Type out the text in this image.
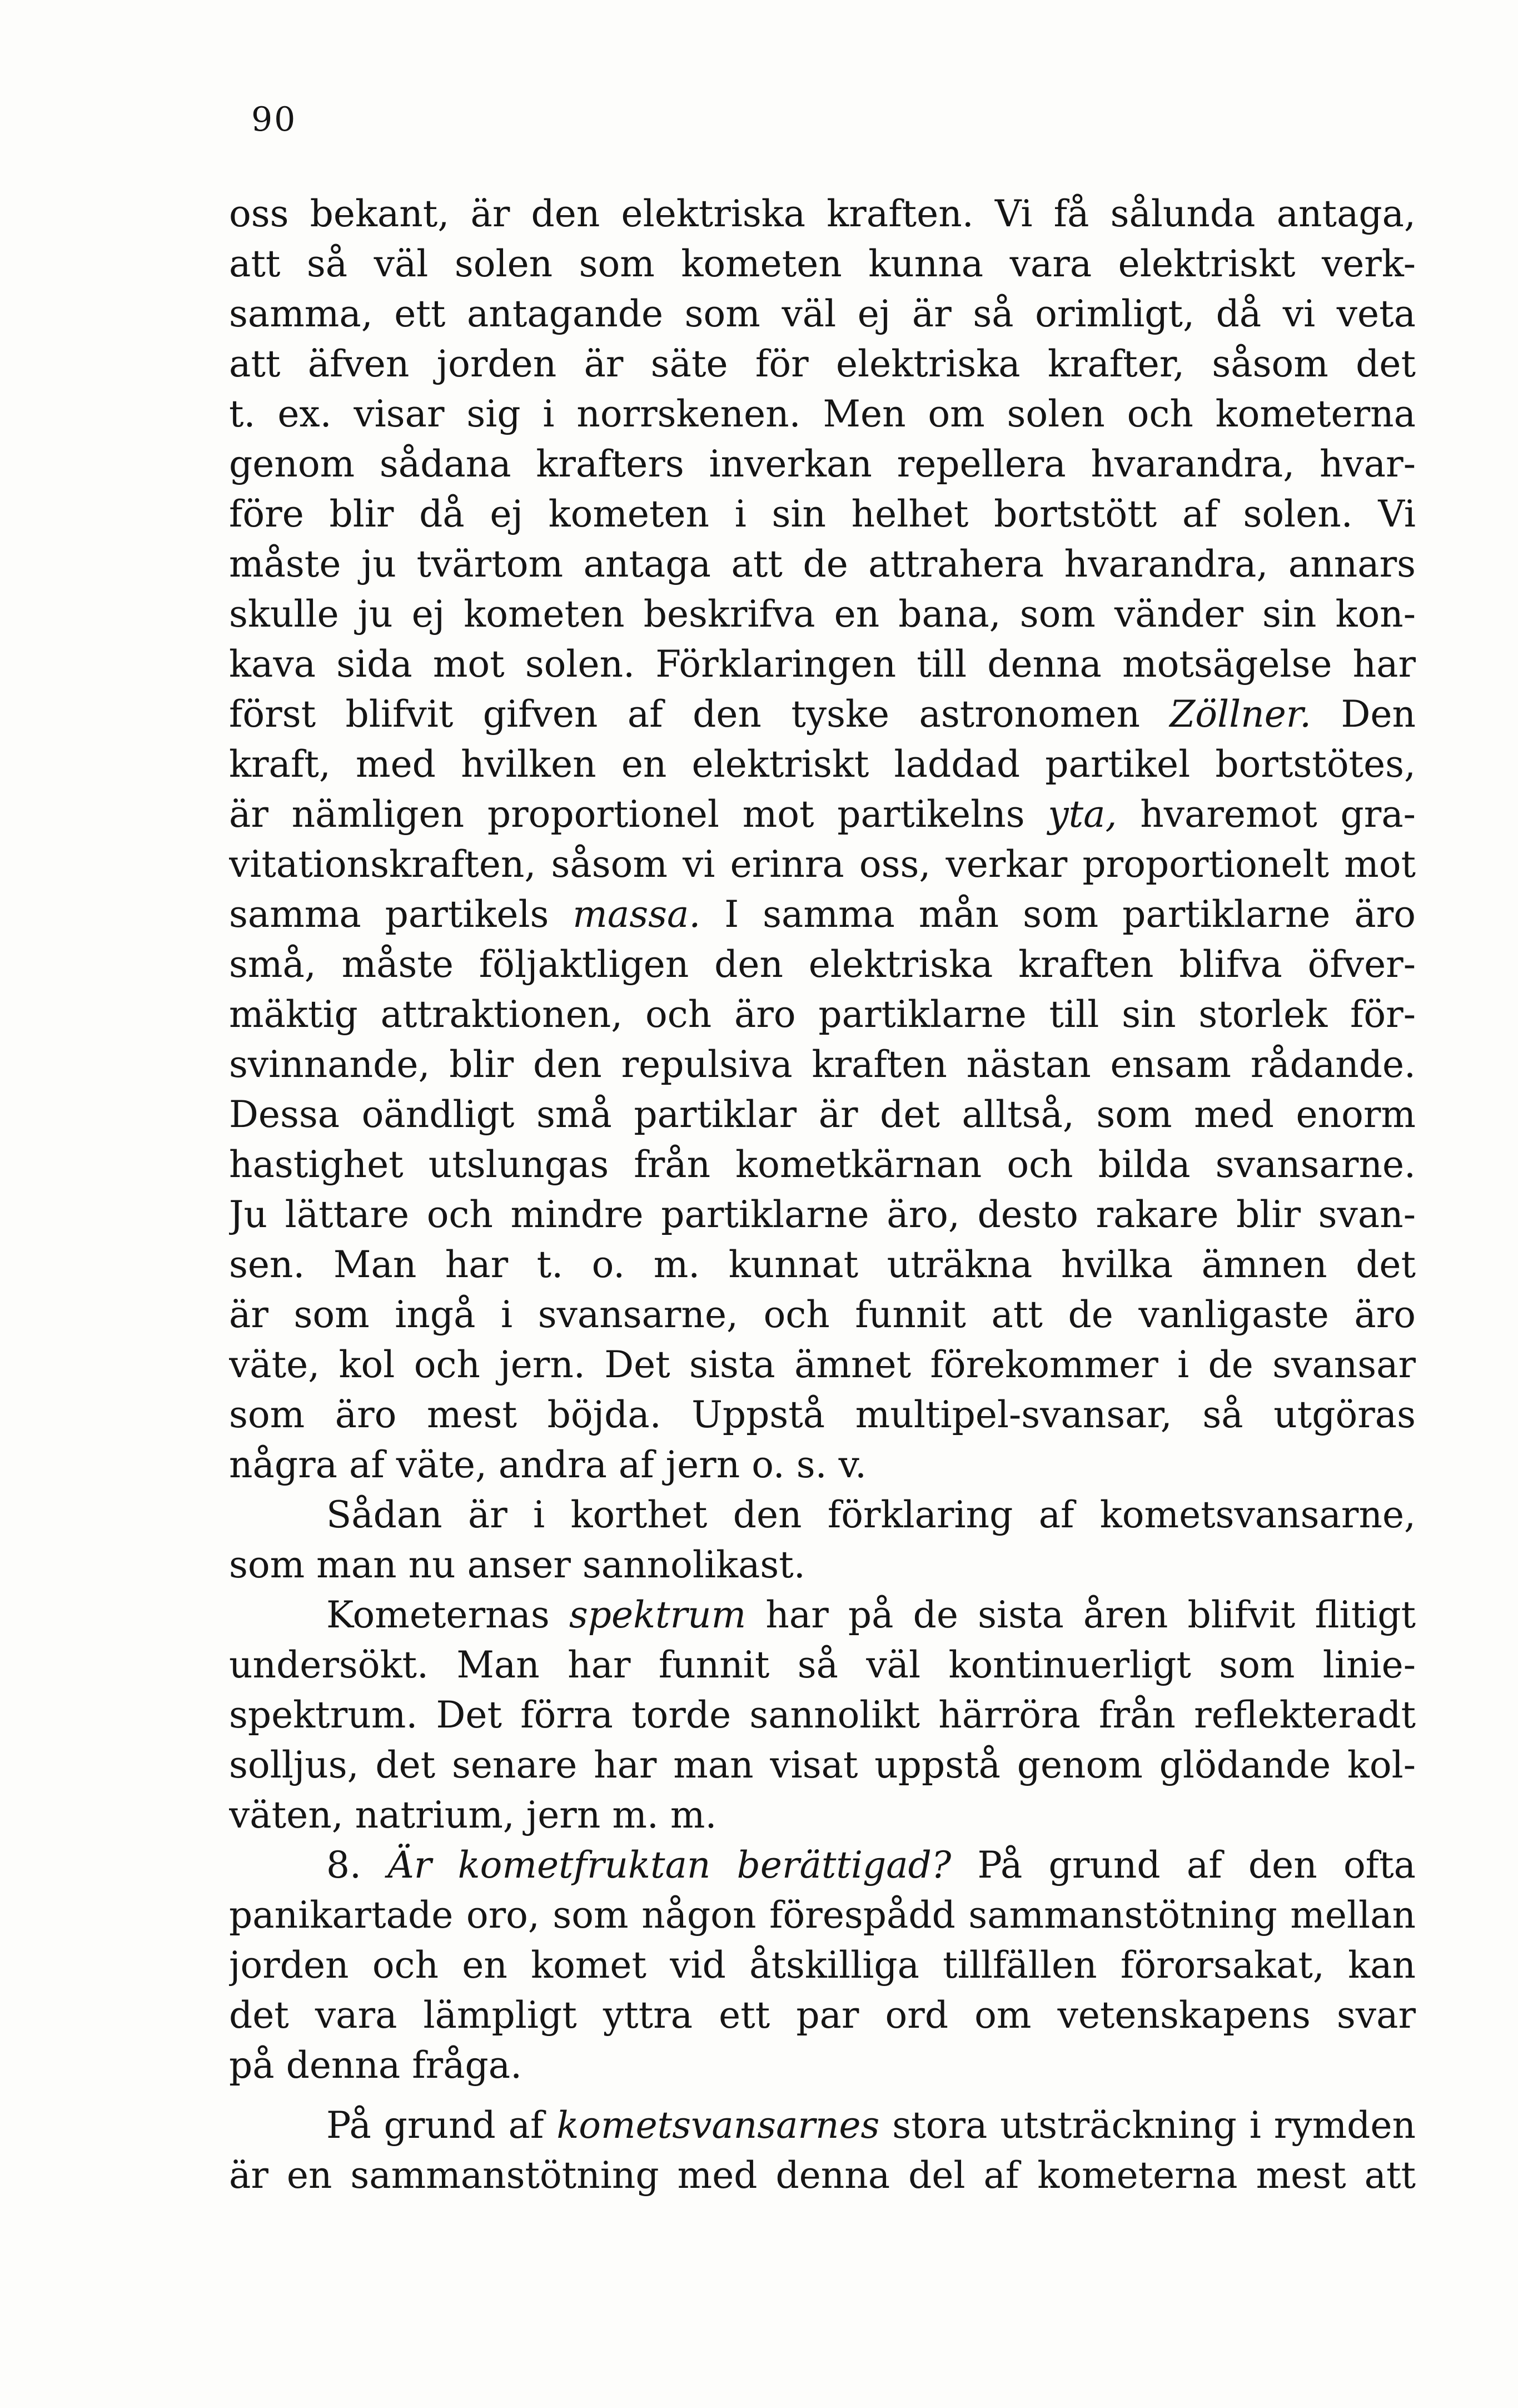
90
oss bekant, är den elektriska kraften. Vi få sålunda antaga,
att så väl solen som kometen kunna vara elektriskt verk-
samma, ett antagande som väl ej är så orimligt, då vi veta
att äfven jorden är säte för elektriska krafter, såsom det
t. ex. visar sig i norrskenen. Men om solen och kometerna
genom sådana krafters inverkan repellera hvarandra, hvar-
före blir då ej kometen i sin helhet bortstött af solen. Vi
måste ju tvärtom antaga att de attrahera hvarandra, annars
skulle ju ej kometen beskrifva en bana, som vänder sin kon-
kava sida mot solen. Förklaringen till denna motsägelse har
först blifvit gifven af den tyske astronomen Zöllner. Den
kraft, med hvilken en elektriskt laddad partikel bortstötes,
är nämligen proportionel mot partikelns yta, hvaremot gra-
vitationskraften, såsom vi erinra oss, verkar proportionelt mot
samma partikels massa. I samma mån som partiklarne äro
små, måste följaktligen den elektriska kraften blifva öfver-
mäktig attraktionen, och äro partiklarne till sin storlek för-
svinnande, blir den repulsiva kraften nästan ensam rådande.
Dessa oändligt små partiklar är det alltså, som med enorm
hastighet utslungas från kometkärnan och bilda svansarne.
Ju lättare och mindre partiklarne äro, desto rakare blir svan-
sen. Man har t. o. m. kunnat uträkna hvilka ämnen det
är som ingå i svansarne, och funnit att de vanligaste äro
väte, kol och jern. Det sista ämnet förekommer i de svansar
som äro mest böjda. Uppstå multipel-svansar, så utgöras
några af väte, andra af jern o. s. v.
Sådan är i korthet den förklaring af kometsvansarne,
som man nu anser sannolikast.
Kometernas spektrum har på de sista åren blifvit flitigt
undersökt. Man har funnit så väl kontinuerligt som linie-
spektrum. Det förra torde sannolikt härröra från reflekteradt
solljus, det senare har man visat uppstå genom glödande kol-
väten, natrium, jern m. m.
8. Är kometfruktan berättigad? På grund af den ofta
panikartade oro, som någon förespådd sammanstötning mellan
jorden och en komet vid åtskilliga tillfällen förorsakat, kan
det vara lämpligt yttra ett par ord om vetenskapens svar
på denna fråga.
På grund af kometsvansarnes stora utsträckning i rymden
är en sammanstötning med denna del af kometerna mest att
